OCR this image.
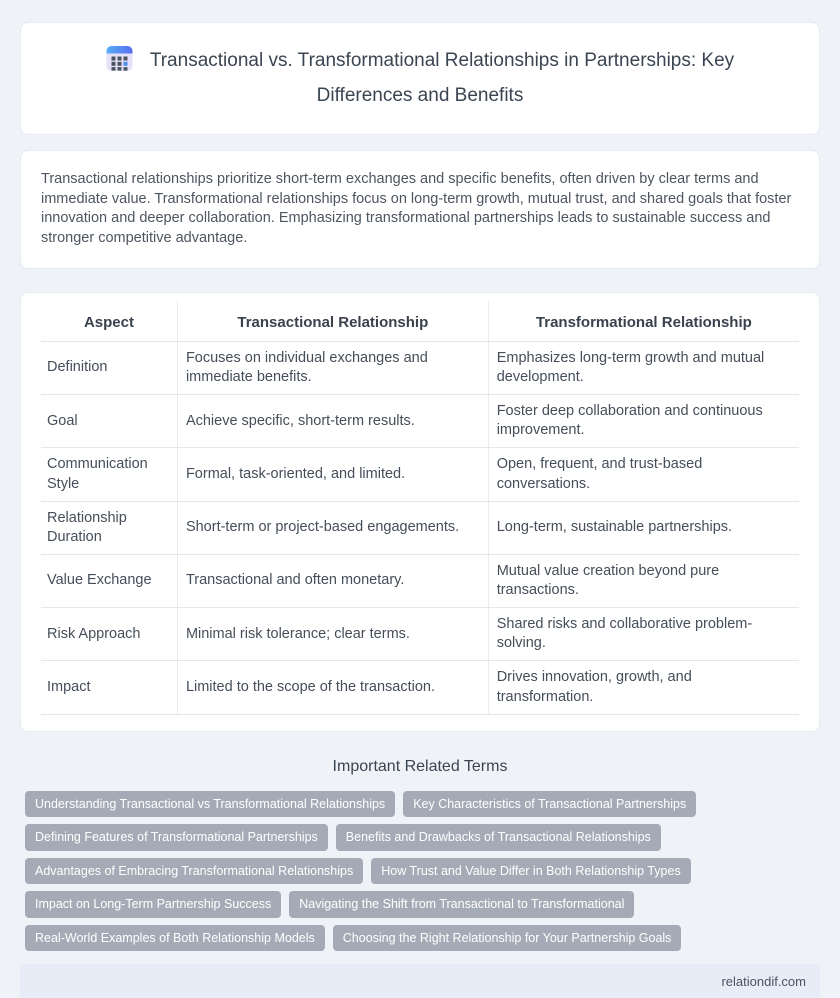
Transactional vs. Transformational Relationships in Partnerships: Key Differences and Benefits
Transactional relationships prioritize short-term exchanges and specific benefits, often driven by clear terms and immediate value. Transformational relationships focus on long-term growth, mutual trust, and shared goals that foster innovation and deeper collaboration. Emphasizing transformational partnerships leads to sustainable success and stronger competitive advantage.
Aspect	Transactional Relationship	Transformational Relationship
Definition	Focuses on individual exchanges and immediate benefits.	Emphasizes long-term growth and mutual development.
Goal	Achieve specific, short-term results.	Foster deep collaboration and continuous improvement.
Communication Style	Formal, task-oriented, and limited.	Open, frequent, and trust-based conversations.
Relationship Duration	Short-term or project-based engagements.	Long-term, sustainable partnerships.
Value Exchange	Transactional and often monetary.	Mutual value creation beyond pure transactions.
Risk Approach	Minimal risk tolerance; clear terms.	Shared risks and collaborative problem-solving.
Impact	Limited to the scope of the transaction.	Drives innovation, growth, and transformation.
Important Related Terms
Understanding Transactional vs Transformational Relationships	Key Characteristics of Transactional Partnerships
Defining Features of Transformational Partnerships	Benefits and Drawbacks of Transactional Relationships
Advantages of Embracing Transformational Relationships	How Trust and Value Differ in Both Relationship Types
Impact on Long-Term Partnership Success	Navigating the Shift from Transactional to Transformational
Real-World Examples of Both Relationship Models	Choosing the Right Relationship for Your Partnership Goals
relationdif.com
